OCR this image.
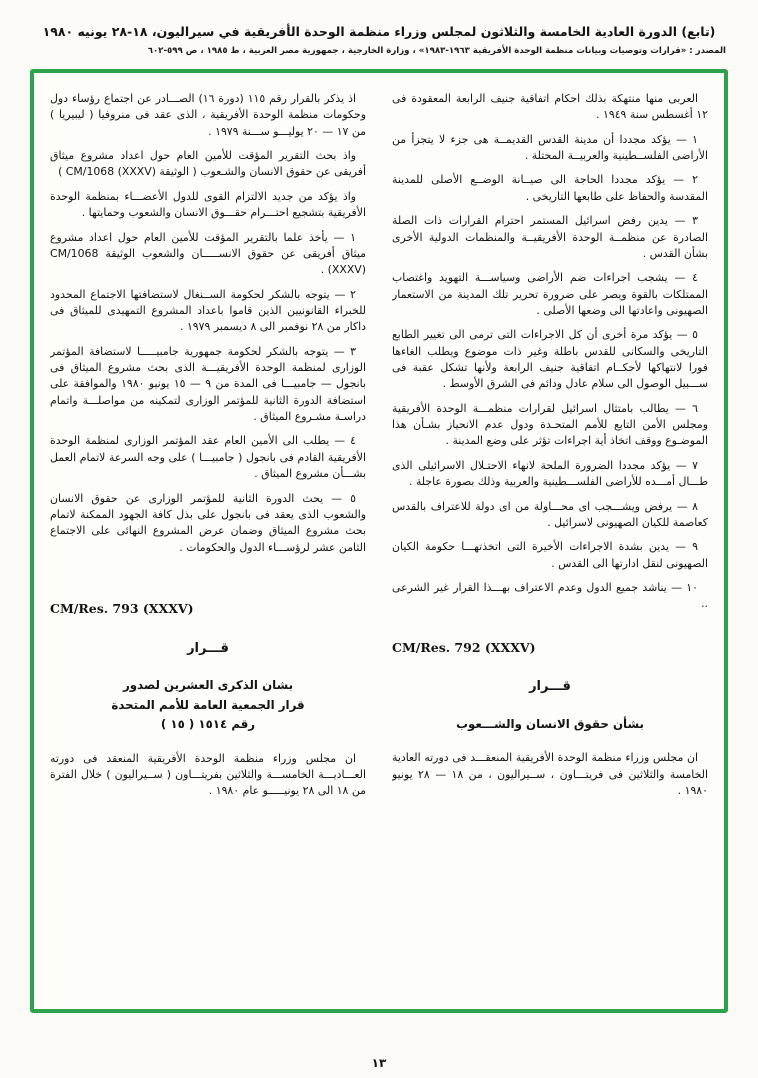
(تابع) الدورة العادية الخامسة والثلاثون لمجلس وزراء منظمة الوحدة الأفريقية في سيراليون، ١٨-٢٨ يونيه ١٩٨٠
المصدر : «قرارات وتوصيات وبيانات منظمة الوحدة الأفريقية ١٩٦٣-١٩٨٣» ، وزارة الخارجية ، جمهورية مصر العربية ، ط ١٩٨٥ ، ص ٥٩٩-٦٠٢

العربى منها منتهكة بذلك احكام اتفاقية جنيف الرابعة المعقودة فى ١٢ أغسطس سنة ١٩٤٩ .

١ — يؤكد مجددا أن مدينة القدس القديمــة هى جزء لا يتجزأ من الأراضى الفلســطينية والعربيــة المحتلة .

٢ — يؤكد مجددا الحاجة الى صيــانة الوضــع الأصلى للمدينة المقدسة والحفاظ على طابعها التاريخى .

٣ — يدين رفض اسرائيل المستمر احترام القرارات ذات الصلة الصادرة عن منظمــة الوحدة الأفريقيــة والمنظمات الدولية الأخرى بشأن القدس .

٤ — يشجب اجراءات ضم الأراضى وسياســـة التهويد واغتصاب الممتلكات بالقوة ويصر على ضرورة تحرير تلك المدينة من الاستعمار الصهيونى واعادتها الى وضعها الأصلى .

٥ — يؤكد مرة أخرى أن كل الاجراءات التى ترمى الى تغيير الطابع التاريخى والسكانى للقدس باطلة وغير ذات موضوع ويطلب الغاءها فورا لانتهاكها لأحكــام اتفاقية جنيف الرابعة ولأنها تشكل عقبة فى ســـبيل الوصول الى سلام عادل ودائم فى الشرق الأوسط .

٦ — يطالب بامتثال اسرائيل لقرارات منظمـــة الوحدة الأفريقية ومجلس الأمن التابع للأمم المتحـدة ودول عدم الانحياز بشـأن هذا الموضـوع ووقف اتخاذ أية اجراءات تؤثر على وضع المدينة .

٧ — يؤكد مجددا الضرورة الملحة لانهاء الاحتـلال الاسرائيلى الذى طـــال أمـــده للأراضى الفلســـطينية والعربية وذلك بصورة عاجلة .

٨ — يرفض ويشـــجب اى محـــاولة من اى دولة للاعتراف بالقدس كعاصمة للكيان الصهيونى لاسرائيل .

٩ — يدين بشدة الاجراءات الأخيرة التى اتخذتهـــا حكومة الكيان الصهيونى لنقل ادارتها الى القدس .

١٠ — يناشد جميع الدول وعدم الاعتراف بهـــذا القرار غير الشرعى ..

CM/Res. 792 (XXXV)
قـــرار
بشأن حقوق الانسان والشـــعوب

ان مجلس وزراء منظمة الوحدة الأفريقية المنعقـــد فى دورته العادية الخامسة والثلاثين فى فريتـــاون ، ســيراليون ، من ١٨ — ٢٨ يونيو ١٩٨٠ .

اذ يذكر بالقرار رقم ١١٥ (دورة ١٦) الصـــادر عن اجتماع رؤساء دول وحكومات منظمة الوحدة الأفريقية ، الذى عقد فى منروفيا ( ليبيريا ) من ١٧ — ٢٠ يوليـــو ســـنة ١٩٧٩ .

واذ بحث التقرير المؤقت للأمين العام حول اعداد مشروع ميثاق أفريقى عن حقوق الانسان والشـعوب ( الوثيقة CM/1068 (XXXV) )

واذ يؤكد من جديد الالتزام القوى للدول الأعضـــاء بمنظمة الوحدة الأفريقية بتشجيع احتـــرام حقـــوق الانسان والشعوب وحمايتها .

١ — يأخذ علما بالتقرير المؤقت للأمين العام حول اعداد مشروع ميثاق أفريقى عن حقوق الانســـــان والشعوب الوثيقة CM/1068 (XXXV) .

٢ — يتوجه بالشكر لحكومة الســنغال لاستضافتها الاجتماع المحدود للخبراء القانونيين الذين قاموا باعداد المشروع التمهيدى للميثاق فى داكار من ٢٨ نوفمبر الى ٨ ديسمبر ١٩٧٩ .

٣ — يتوجه بالشكر لحكومة جمهورية جامبيـــــا لاستضافة المؤتمر الوزارى لمنظمة الوحدة الأفريقيـــة الذى بحث مشروع الميثاق فى بانجول — جامبيـــا فى المدة من ٩ — ١٥ يونيو ١٩٨٠ والموافقة على استضافة الدورة الثانية للمؤتمر الوزارى لتمكينه من مواصلـــة واتمام دراسـة مشـروع الميثاق .

٤ — يطلب الى الأمين العام عقد المؤتمر الوزارى لمنظمة الوحدة الأفريقية القادم فى بانجول ( جامبيـــا ) على وجه السرعة لاتمام العمل بشـــأن مشروع الميثاق .

٥ — يحث الدورة الثانية للمؤتمر الوزارى عن حقوق الانسان والشعوب الذى يعقد فى بانجول على بذل كافة الجهود الممكنة لاتمام بحث مشروع الميثاق وضمان عرض المشروع النهائى على الاجتماع الثامن عشر لرؤســـاء الدول والحكومات .

CM/Res. 793 (XXXV)
قـــرار
بشان الذكرى العشرين لصدور
قرار الجمعية العامة للأمم المتحدة
رقم ١٥١٤ ( ١٥ )

ان مجلس وزراء منظمة الوحدة الأفريقية المنعقد فى دورته العـــاديـــة الخامســـة والثلاثين بفريتـــاون ( ســيراليون ) خلال الفترة من ١٨ الى ٢٨ يونيـــــو عام ١٩٨٠ .

١٣
